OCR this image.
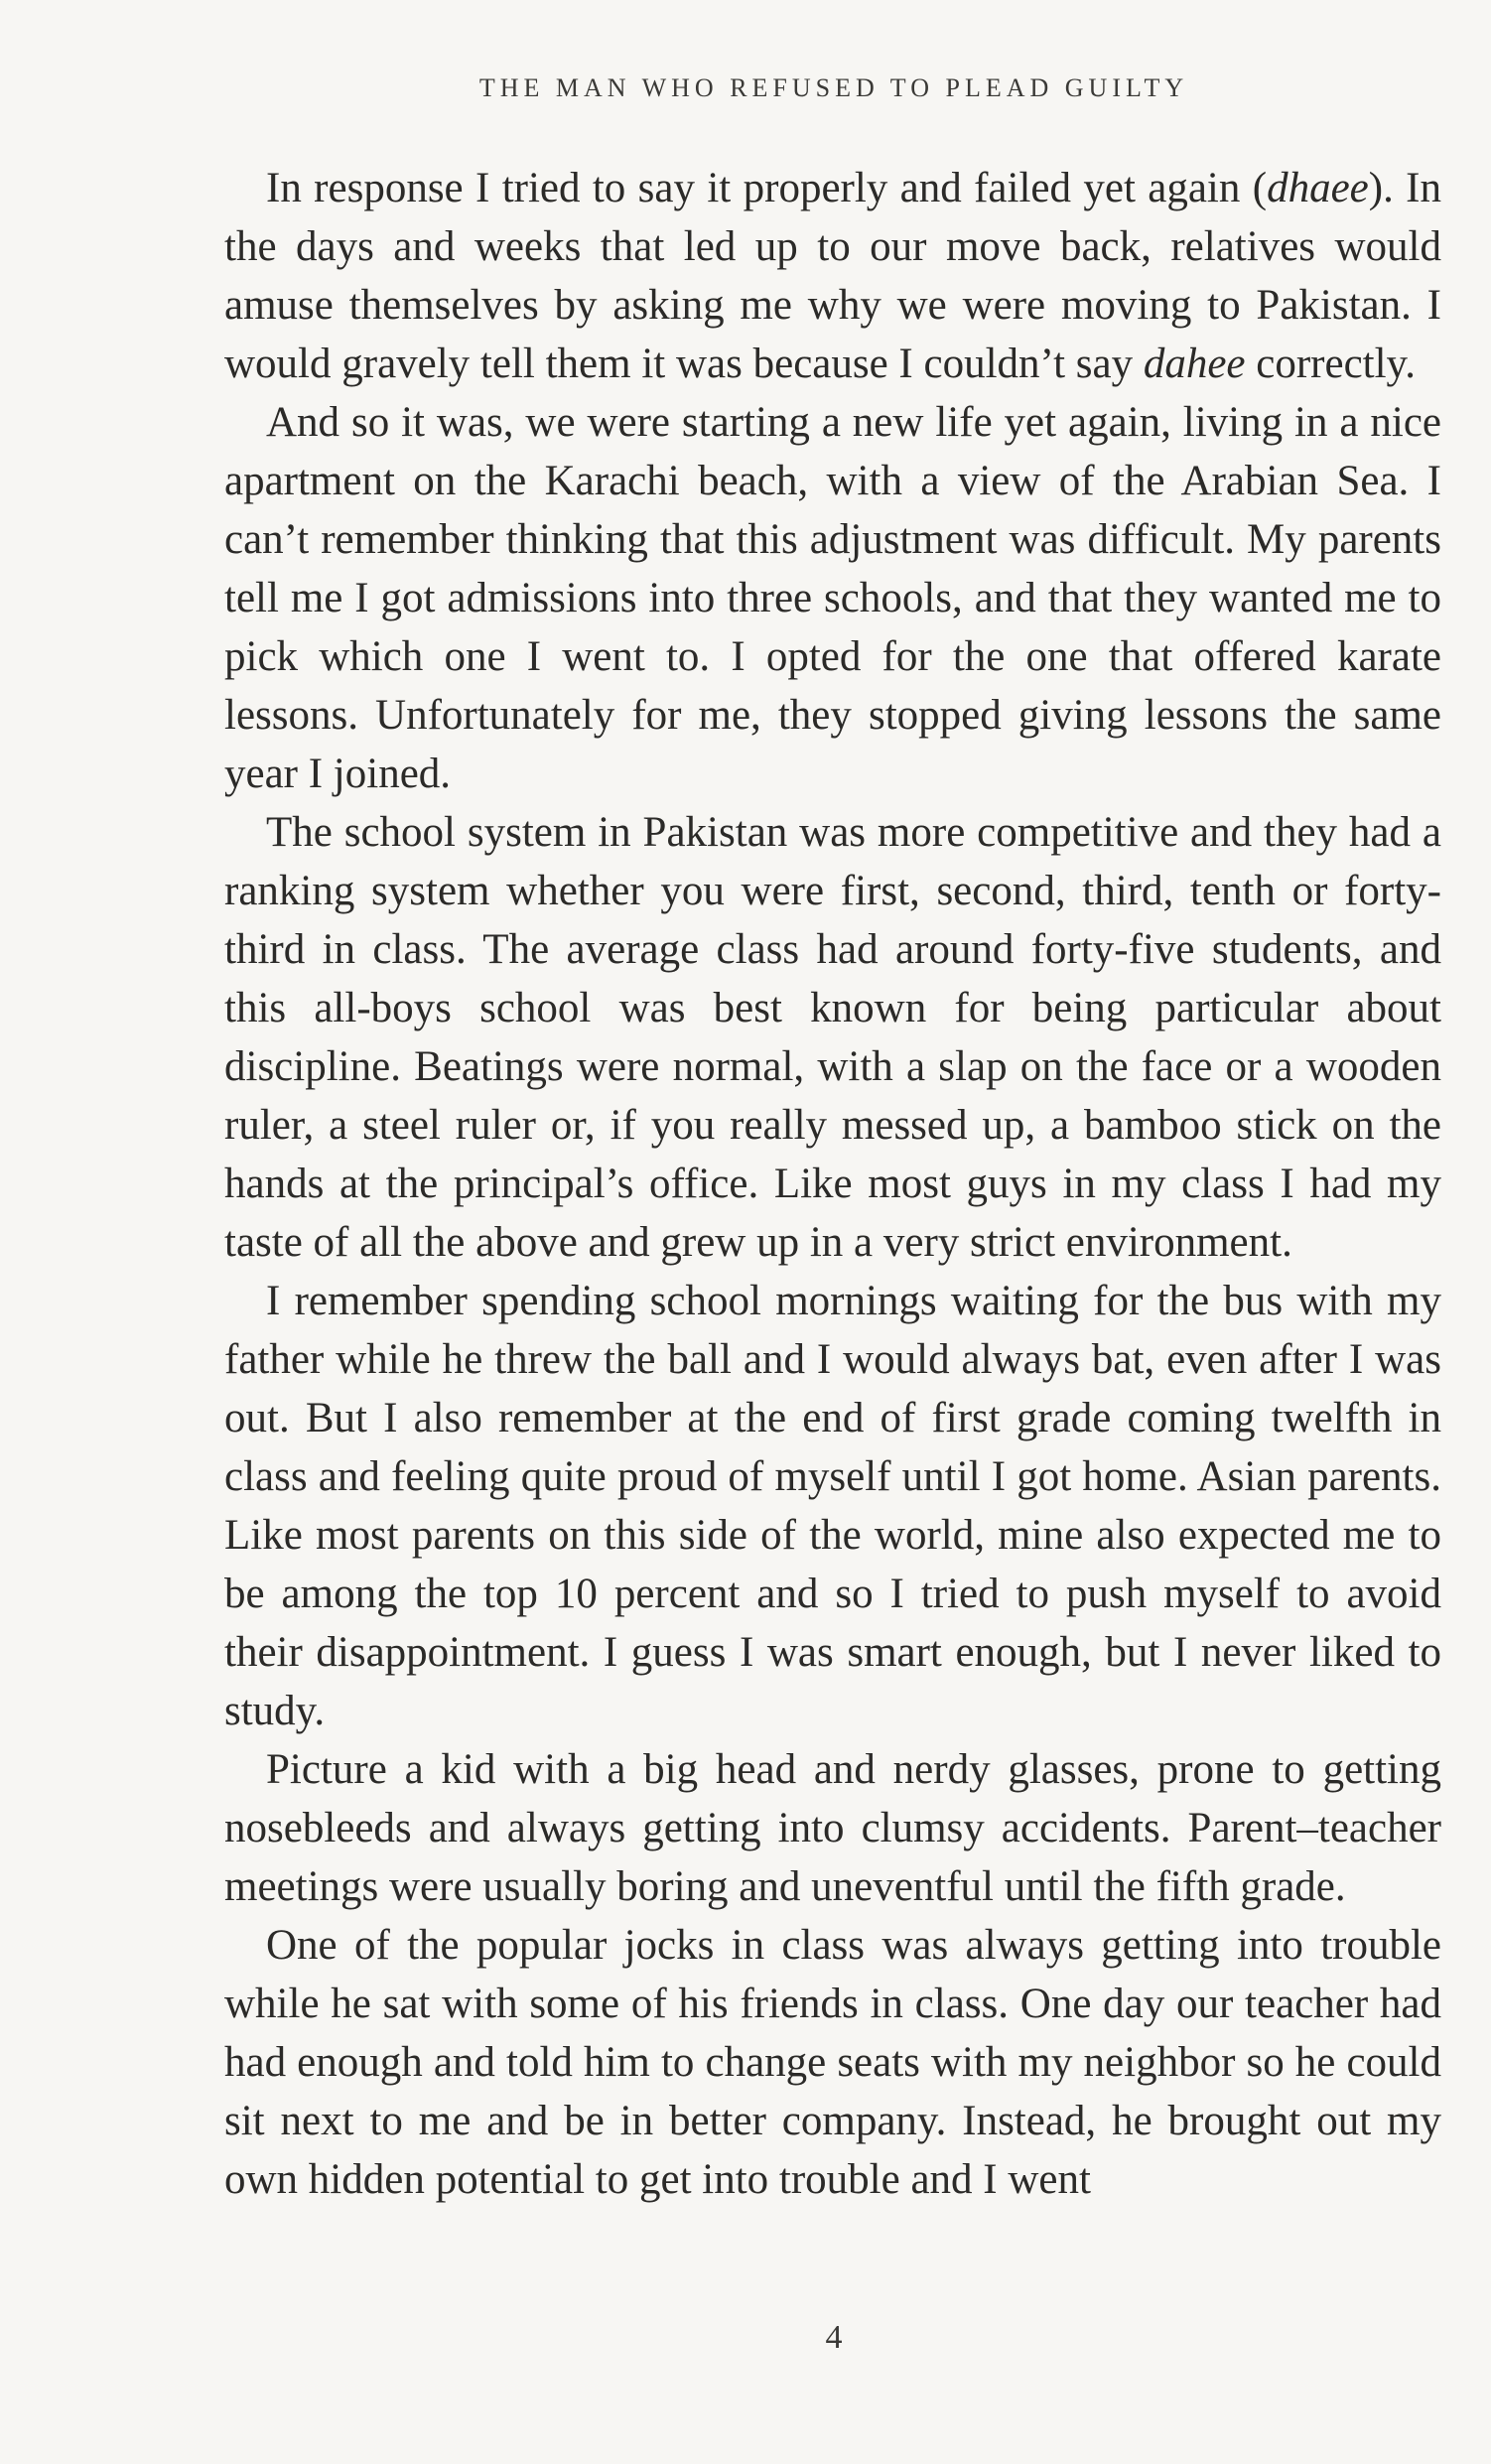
THE MAN WHO REFUSED TO PLEAD GUILTY

In response I tried to say it properly and failed yet again (dhaee). In the days and weeks that led up to our move back, relatives would amuse themselves by asking me why we were moving to Pakistan. I would gravely tell them it was because I couldn’t say dahee correctly.

And so it was, we were starting a new life yet again, living in a nice apartment on the Karachi beach, with a view of the Arabian Sea. I can’t remember thinking that this adjustment was difficult. My parents tell me I got admissions into three schools, and that they wanted me to pick which one I went to. I opted for the one that offered karate lessons. Unfortunately for me, they stopped giving lessons the same year I joined.

The school system in Pakistan was more competitive and they had a ranking system whether you were first, second, third, tenth or forty-third in class. The average class had around forty-five students, and this all-boys school was best known for being particular about discipline. Beatings were normal, with a slap on the face or a wooden ruler, a steel ruler or, if you really messed up, a bamboo stick on the hands at the principal’s office. Like most guys in my class I had my taste of all the above and grew up in a very strict environment.

I remember spending school mornings waiting for the bus with my father while he threw the ball and I would always bat, even after I was out. But I also remember at the end of first grade coming twelfth in class and feeling quite proud of myself until I got home. Asian parents. Like most parents on this side of the world, mine also expected me to be among the top 10 percent and so I tried to push myself to avoid their disappointment. I guess I was smart enough, but I never liked to study.

Picture a kid with a big head and nerdy glasses, prone to getting nosebleeds and always getting into clumsy accidents. Parent–teacher meetings were usually boring and uneventful until the fifth grade.

One of the popular jocks in class was always getting into trouble while he sat with some of his friends in class. One day our teacher had had enough and told him to change seats with my neighbor so he could sit next to me and be in better company. Instead, he brought out my own hidden potential to get into trouble and I went

4
